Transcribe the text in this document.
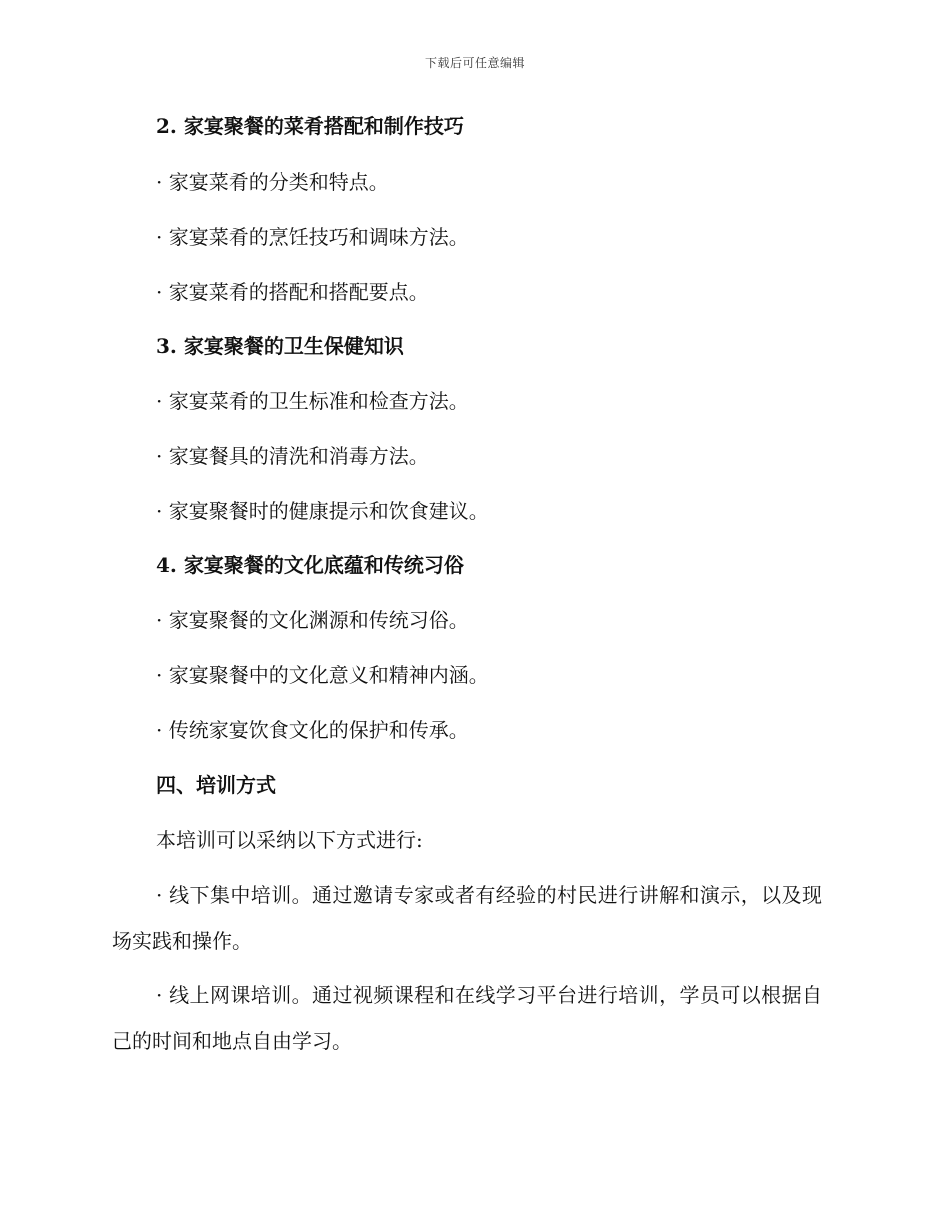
下载后可任意编辑
2. 家宴聚餐的菜肴搭配和制作技巧
· 家宴菜肴的分类和特点。
· 家宴菜肴的烹饪技巧和调味方法。
· 家宴菜肴的搭配和搭配要点。
3. 家宴聚餐的卫生保健知识
· 家宴菜肴的卫生标准和检查方法。
· 家宴餐具的清洗和消毒方法。
· 家宴聚餐时的健康提示和饮食建议。
4. 家宴聚餐的文化底蕴和传统习俗
· 家宴聚餐的文化渊源和传统习俗。
· 家宴聚餐中的文化意义和精神内涵。
· 传统家宴饮食文化的保护和传承。
四、培训方式
本培训可以采纳以下方式进行:
· 线下集中培训。通过邀请专家或者有经验的村民进行讲解和演示，以及现场实践和操作。
· 线上网课培训。通过视频课程和在线学习平台进行培训，学员可以根据自己的时间和地点自由学习。
